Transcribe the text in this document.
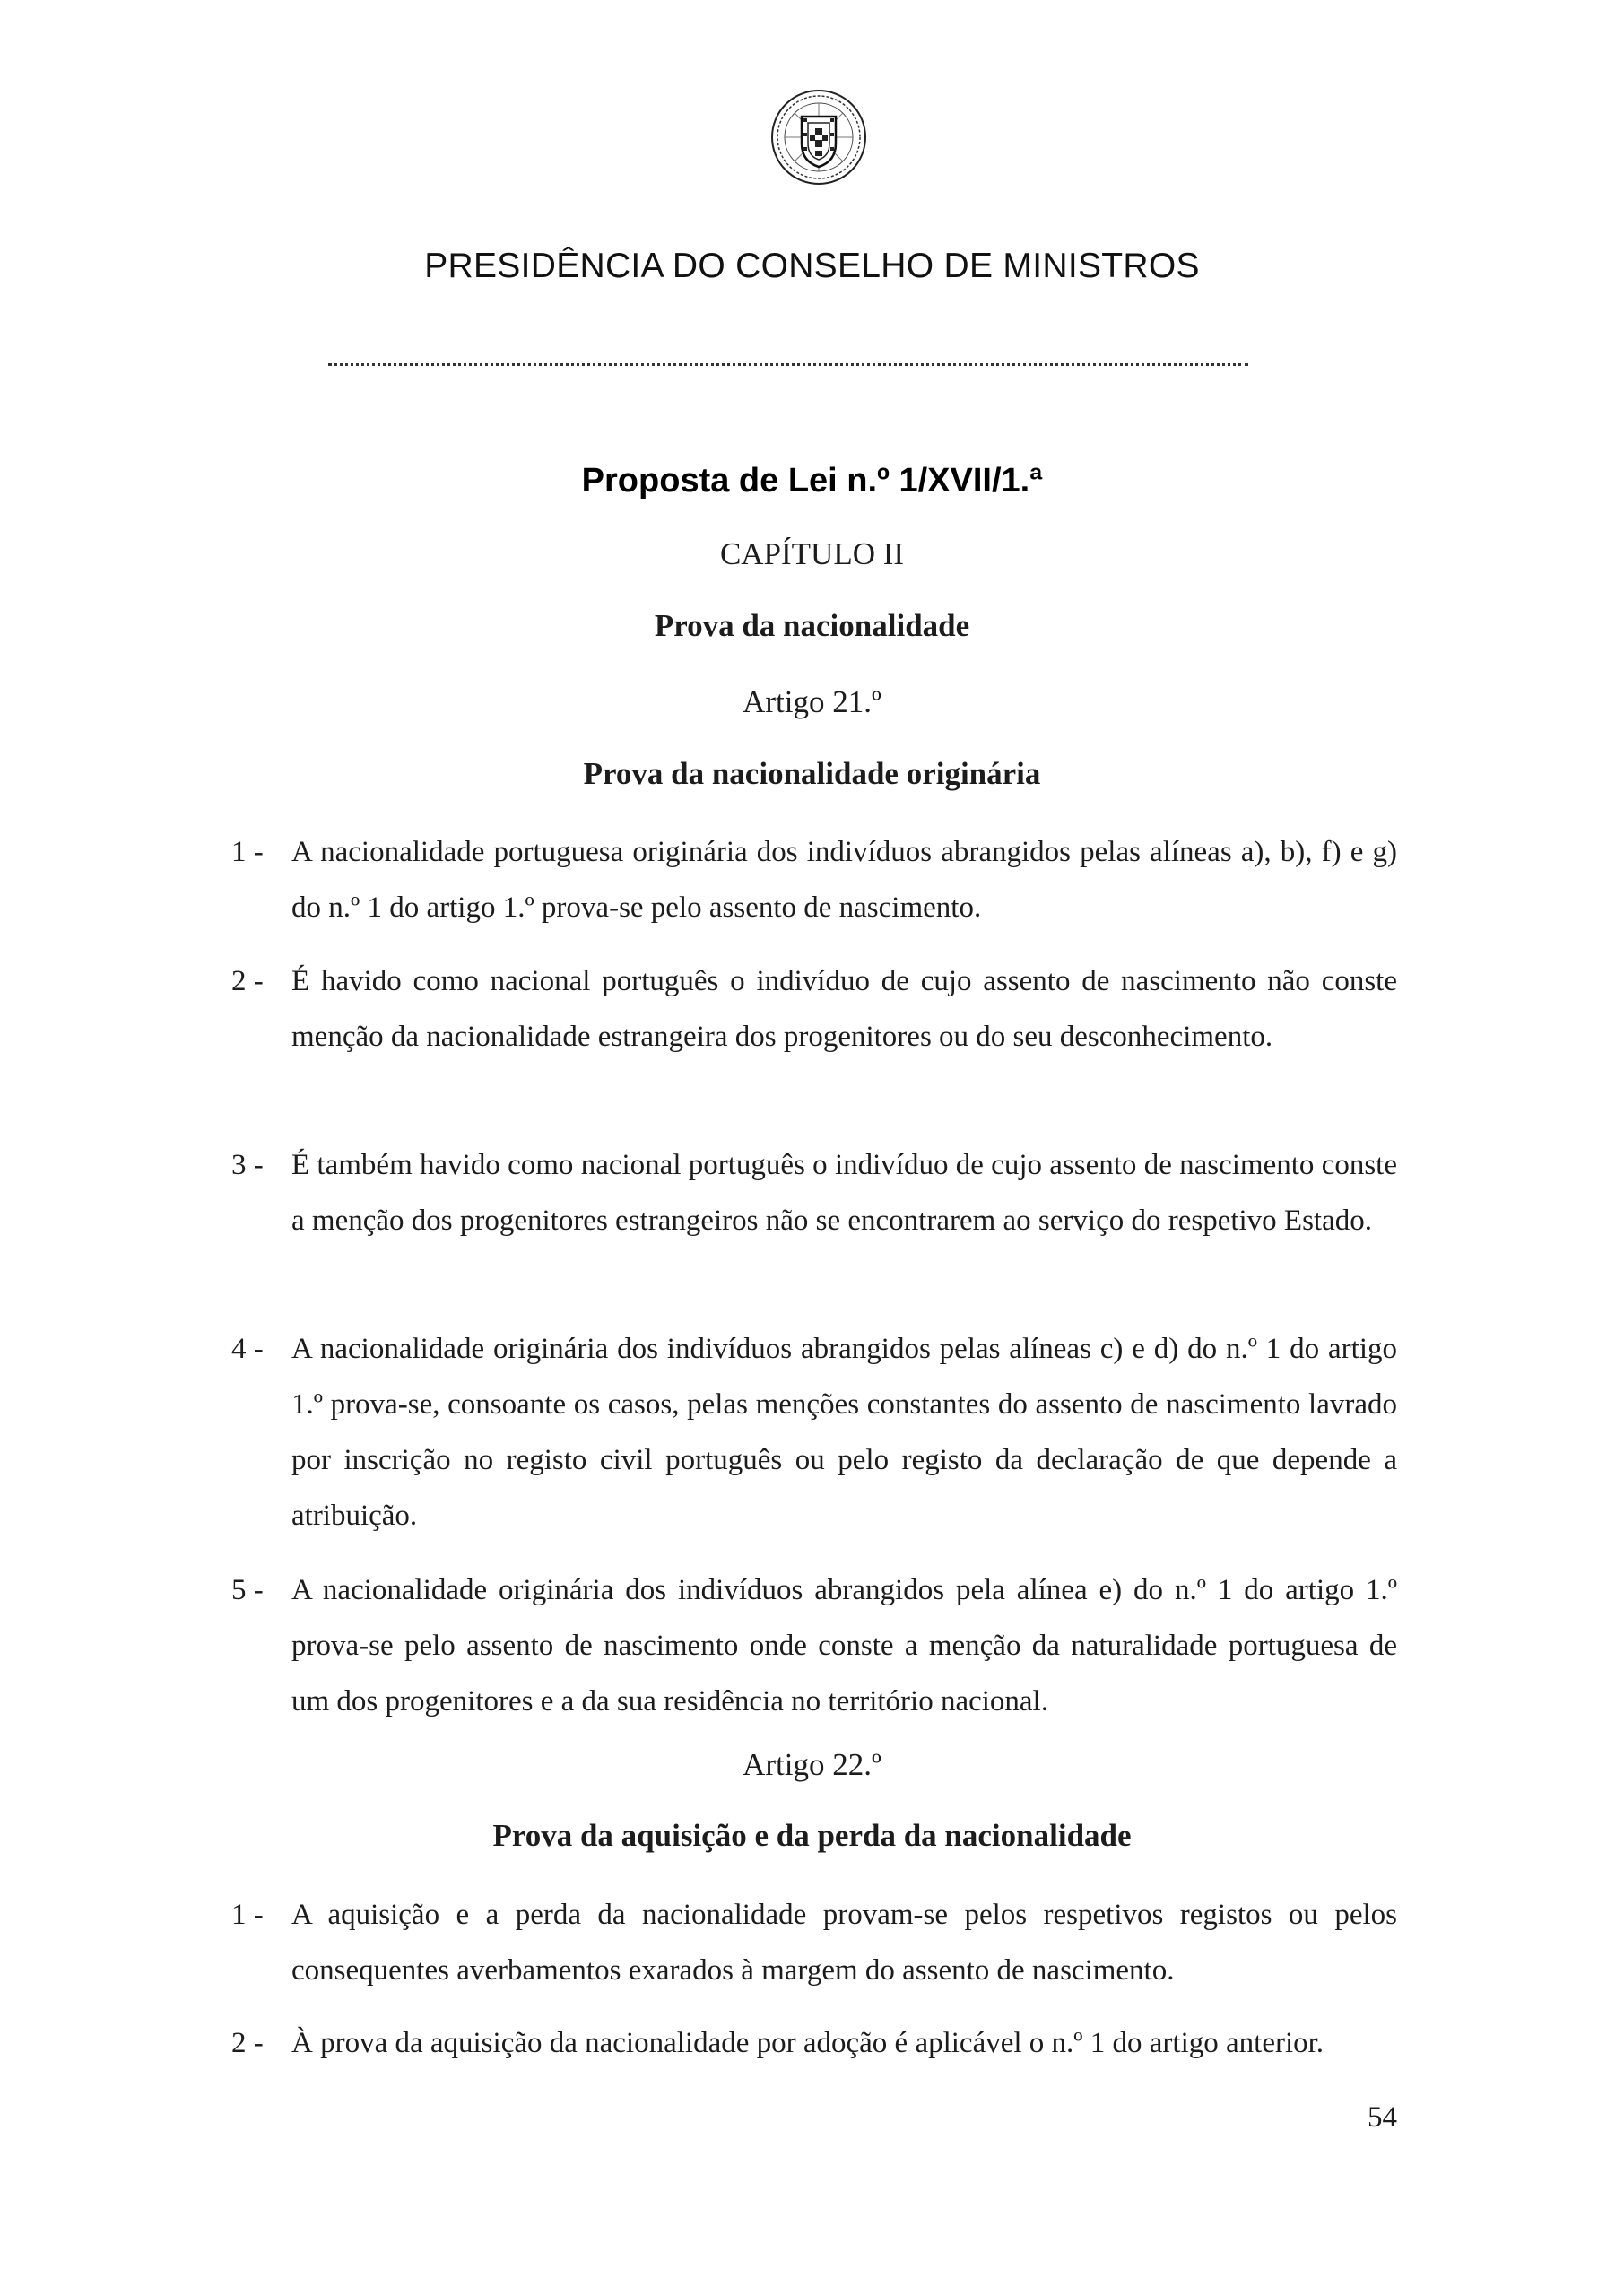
PRESIDÊNCIA DO CONSELHO DE MINISTROS
Proposta de Lei n.º 1/XVII/1.ª
CAPÍTULO II
Prova da nacionalidade
Artigo 21.º
Prova da nacionalidade originária
1 - A nacionalidade portuguesa originária dos indivíduos abrangidos pelas alíneas a), b), f) e g) do n.º 1 do artigo 1.º prova-se pelo assento de nascimento.
2 - É havido como nacional português o indivíduo de cujo assento de nascimento não conste menção da nacionalidade estrangeira dos progenitores ou do seu desconhecimento.
3 - É também havido como nacional português o indivíduo de cujo assento de nascimento conste a menção dos progenitores estrangeiros não se encontrarem ao serviço do respetivo Estado.
4 - A nacionalidade originária dos indivíduos abrangidos pelas alíneas c) e d) do n.º 1 do artigo 1.º prova-se, consoante os casos, pelas menções constantes do assento de nascimento lavrado por inscrição no registo civil português ou pelo registo da declaração de que depende a atribuição.
5 - A nacionalidade originária dos indivíduos abrangidos pela alínea e) do n.º 1 do artigo 1.º prova-se pelo assento de nascimento onde conste a menção da naturalidade portuguesa de um dos progenitores e a da sua residência no território nacional.
Artigo 22.º
Prova da aquisição e da perda da nacionalidade
1 - A aquisição e a perda da nacionalidade provam-se pelos respetivos registos ou pelos consequentes averbamentos exarados à margem do assento de nascimento.
2 - À prova da aquisição da nacionalidade por adoção é aplicável o n.º 1 do artigo anterior.
54
